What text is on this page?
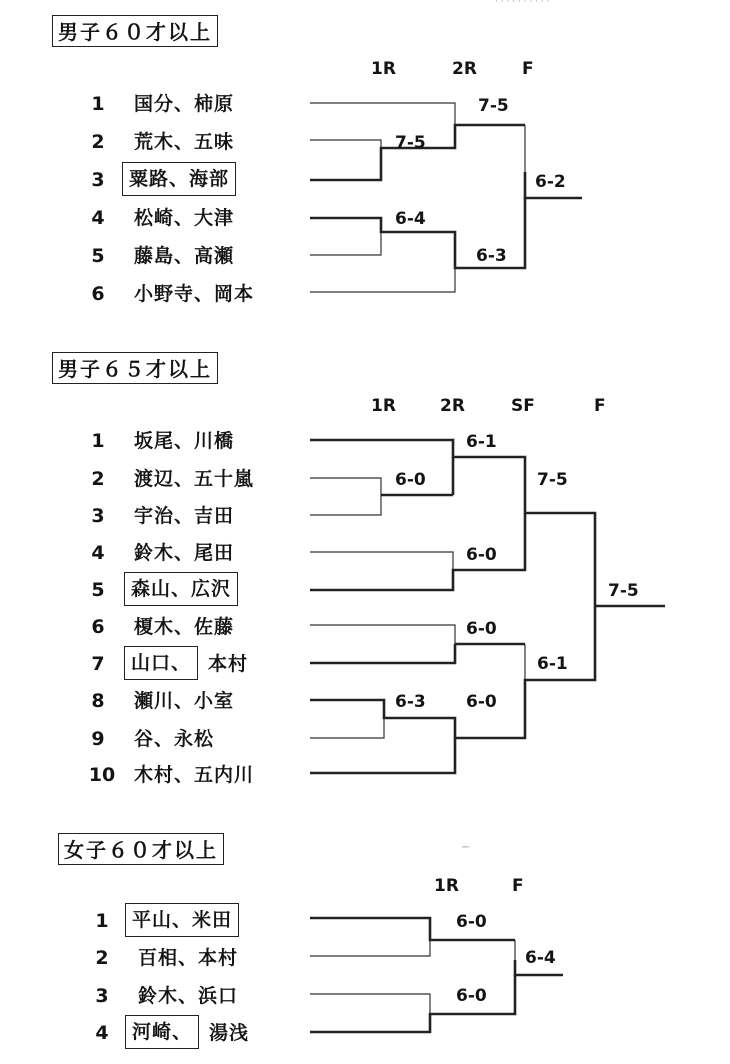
· · · · · · · · · ·
─·
男子６０才以上
1R	2R	F
1	国分、柿原
2	荒木、五味
3	粟路、海部
4	松崎、大津
5	藤島、高瀬
6	小野寺、岡本
7-5
7-5
6-2
6-4
6-3
男子６５才以上
1R	2R	SF	F
1	坂尾、川橋
2	渡辺、五十嵐
3	宇治、吉田
4	鈴木、尾田
5	森山、広沢
6	榎木、佐藤
7	山口、 本村
8	瀬川、小室
9	谷、永松
10 木村、五内川
6-1
6-0	7-5
6-0
7-5
6-0
6-1
6-3 6-0
女子６０才以上
1R	F
1	平山、米田
2	百相、本村
3	鈴木、浜口
4	河崎、 湯浅
6-0
6-4
6-0
